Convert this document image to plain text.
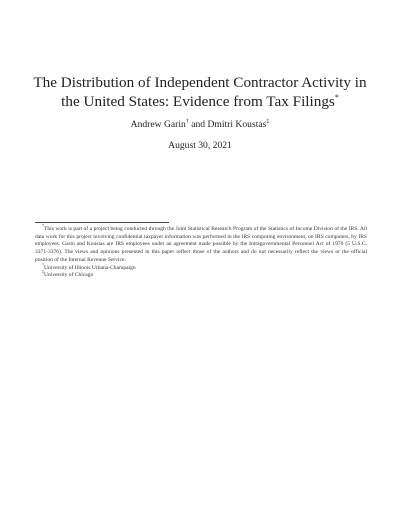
The Distribution of Independent Contractor Activity in
the United States: Evidence from Tax Filings*
Andrew Garin† and Dmitri Koustas‡
August 30, 2021

*This work is part of a project being conducted through the Joint Statistical Research Program of the Statistics of Income Division of the IRS. All data work for this project involving confidential taxpayer information was performed in the IRS computing environment, on IRS computers, by IRS employees. Garin and Koustas are IRS employees under an agreement made possible by the Intragovernmental Personnel Act of 1970 (5 U.S.C. 3371-3376). The views and opinions presented in this paper reflect those of the authors and do not necessarily reflect the views or the official position of the Internal Revenue Service.

†University of Illinois Urbana-Champaign

‡University of Chicago
